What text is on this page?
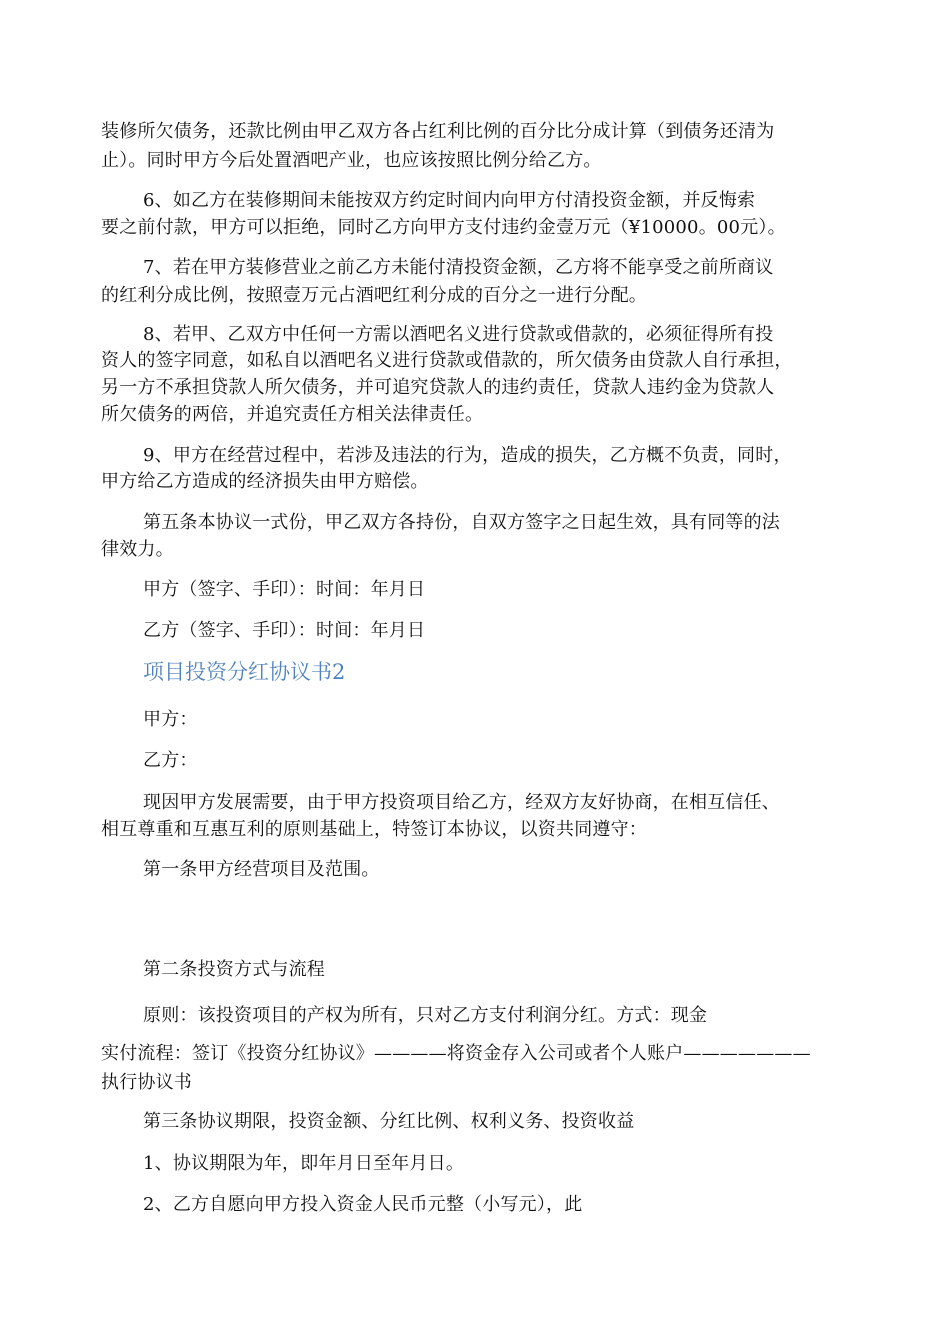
装修所欠债务，还款比例由甲乙双方各占红利比例的百分比分成计算（到债务还清为

止）。同时甲方今后处置酒吧产业，也应该按照比例分给乙方。

6、如乙方在装修期间未能按双方约定时间内向甲方付清投资金额，并反悔索

要之前付款，甲方可以拒绝，同时乙方向甲方支付违约金壹万元（¥10000。00元）。

7、若在甲方装修营业之前乙方未能付清投资金额，乙方将不能享受之前所商议

的红利分成比例，按照壹万元占酒吧红利分成的百分之一进行分配。

8、若甲、乙双方中任何一方需以酒吧名义进行贷款或借款的，必须征得所有投

资人的签字同意，如私自以酒吧名义进行贷款或借款的，所欠债务由贷款人自行承担，

另一方不承担贷款人所欠债务，并可追究贷款人的违约责任，贷款人违约金为贷款人

所欠债务的两倍，并追究责任方相关法律责任。

9、甲方在经营过程中，若涉及违法的行为，造成的损失，乙方概不负责，同时，

甲方给乙方造成的经济损失由甲方赔偿。

第五条本协议一式份，甲乙双方各持份，自双方签字之日起生效，具有同等的法

律效力。

甲方（签字、手印）：时间：年月日

乙方（签字、手印）：时间：年月日

项目投资分红协议书2

甲方：

乙方：

现因甲方发展需要，由于甲方投资项目给乙方，经双方友好协商，在相互信任、

相互尊重和互惠互利的原则基础上，特签订本协议，以资共同遵守：

第一条甲方经营项目及范围。

第二条投资方式与流程

原则：该投资项目的产权为所有，只对乙方支付利润分红。方式：现金

实付流程：签订《投资分红协议》————将资金存入公司或者个人账户———————

执行协议书

第三条协议期限，投资金额、分红比例、权利义务、投资收益

1、协议期限为年，即年月日至年月日。

2、乙方自愿向甲方投入资金人民币元整（小写元），此
